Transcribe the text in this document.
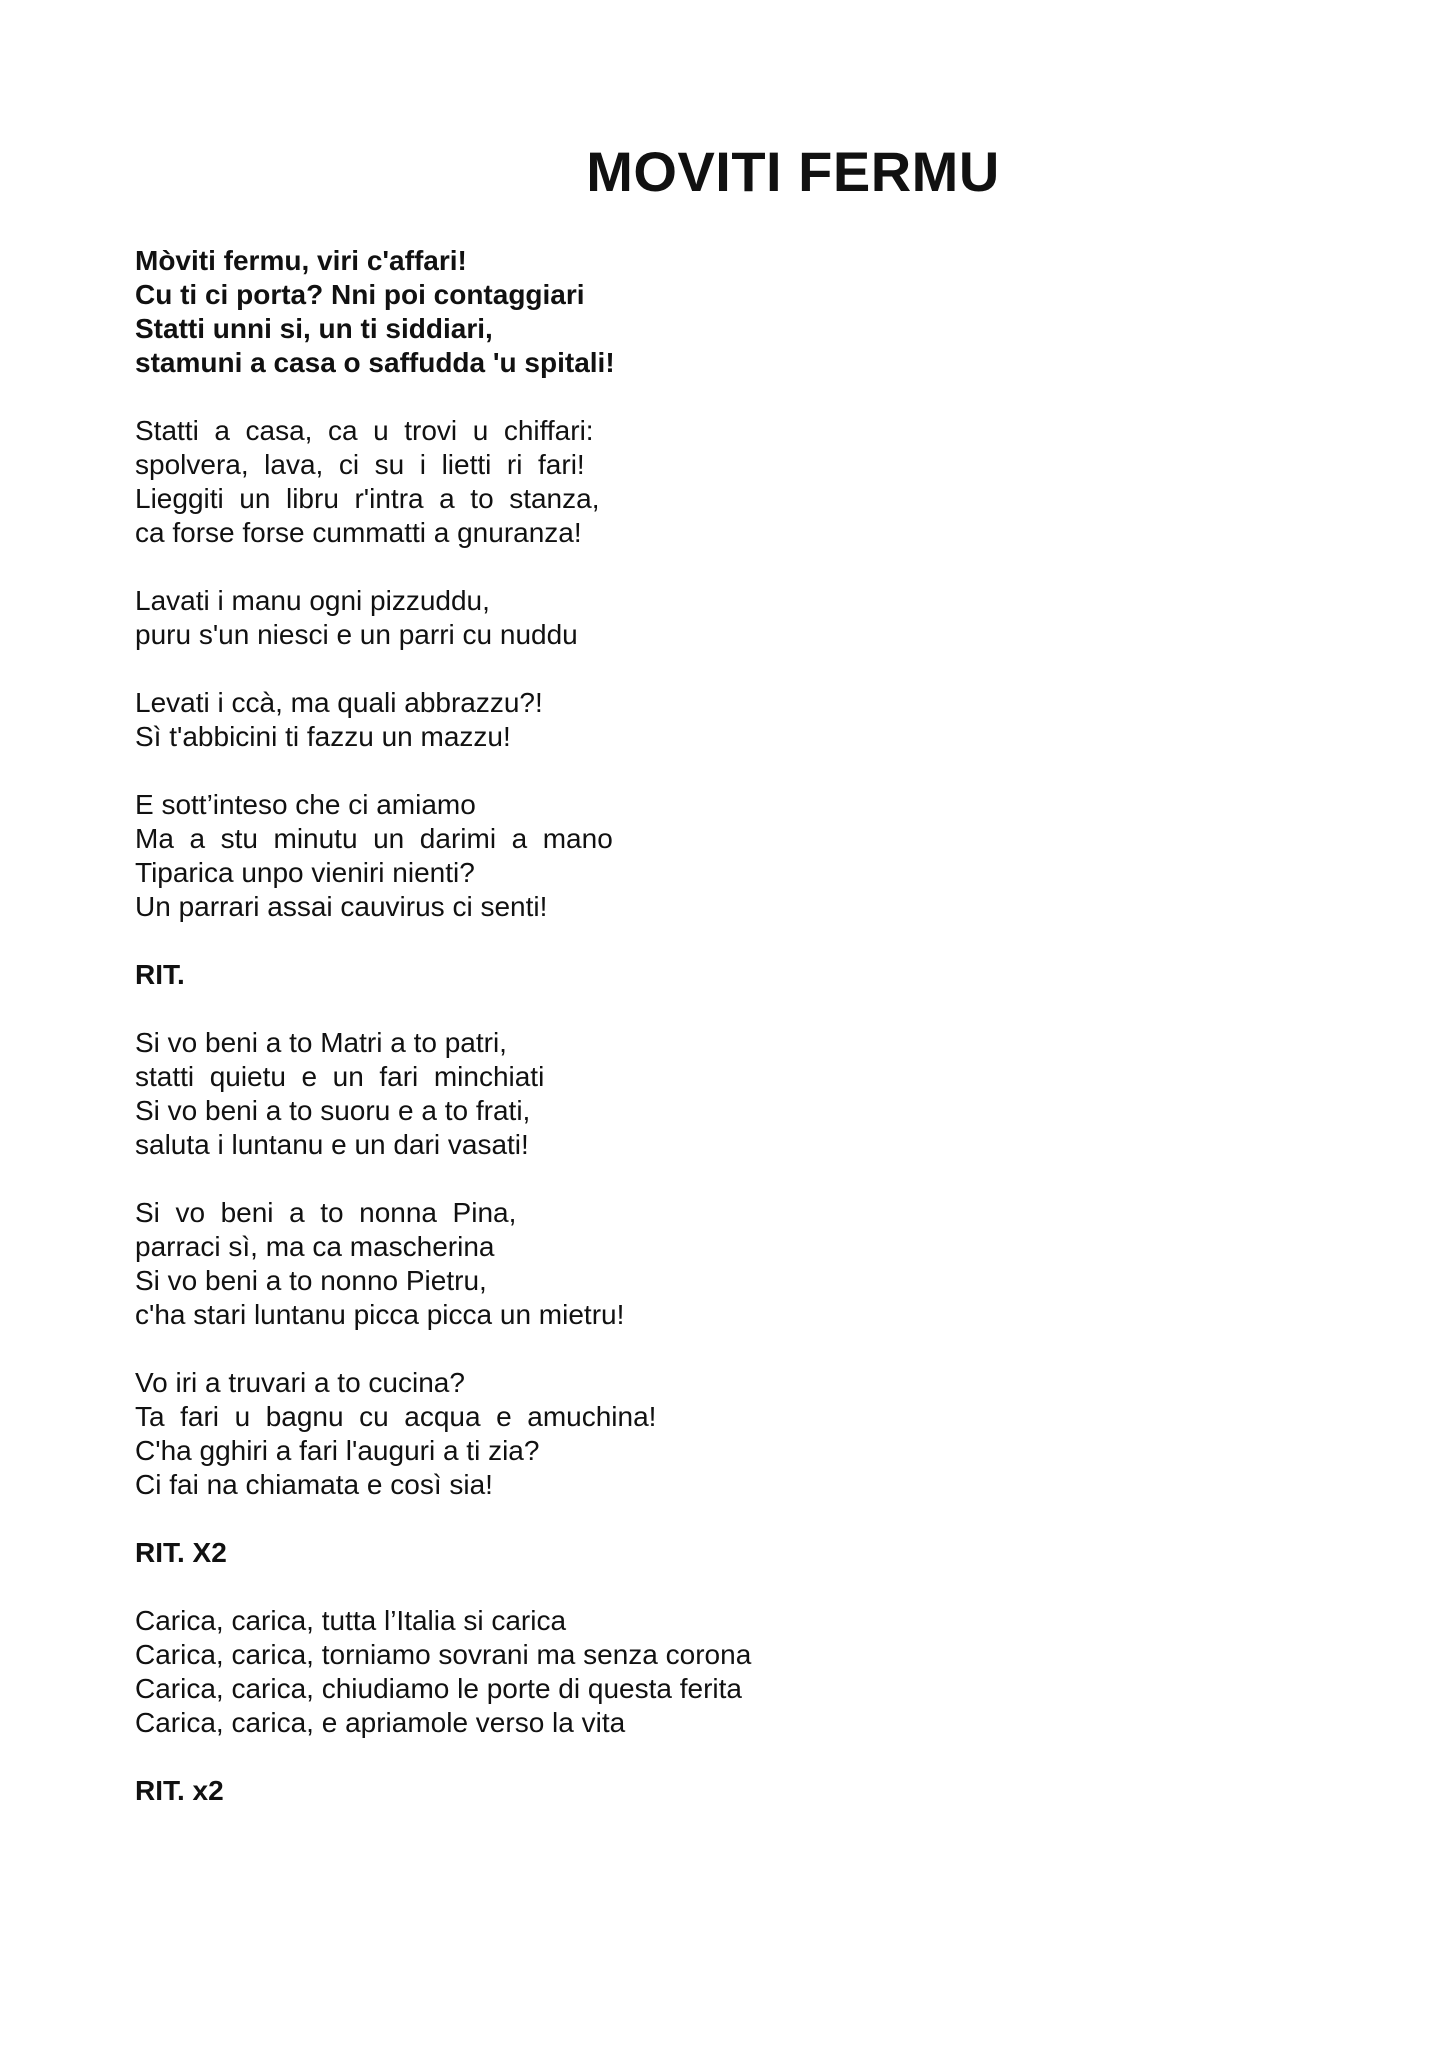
MOVITI FERMU
Mòviti fermu, viri c'affari!
Cu ti ci porta? Nni poi contaggiari
Statti unni si, un ti siddiari,
stamuni a casa o saffudda 'u spitali!
Statti  a  casa,  ca  u  trovi  u  chiffari:
spolvera,  lava,  ci  su  i  lietti  ri  fari!
Lieggiti  un  libru  r'intra  a  to  stanza,
ca forse forse cummatti a gnuranza!
Lavati i manu ogni pizzuddu,
puru s'un niesci e un parri cu nuddu
Levati i ccà, ma quali abbrazzu?!
Sì t'abbicini ti fazzu un mazzu!
E sott’inteso che ci amiamo
Ma  a  stu  minutu  un  darimi  a  mano
Tiparica unpo vieniri nienti?
Un parrari assai cauvirus ci senti!
RIT.
Si vo beni a to Matri a to patri,
statti  quietu  e  un  fari  minchiati
Si vo beni a to suoru e a to frati,
saluta i luntanu e un dari vasati!
Si  vo  beni  a  to  nonna  Pina,
parraci sì, ma ca mascherina
Si vo beni a to nonno Pietru,
c'ha stari luntanu picca picca un mietru!
Vo iri a truvari a to cucina?
Ta  fari  u  bagnu  cu  acqua  e  amuchina!
C'ha gghiri a fari l'auguri a ti zia?
Ci fai na chiamata e così sia!
RIT. X2
Carica, carica, tutta l’Italia si carica
Carica, carica, torniamo sovrani ma senza corona
Carica, carica, chiudiamo le porte di questa ferita
Carica, carica, e apriamole verso la vita
RIT. x2
